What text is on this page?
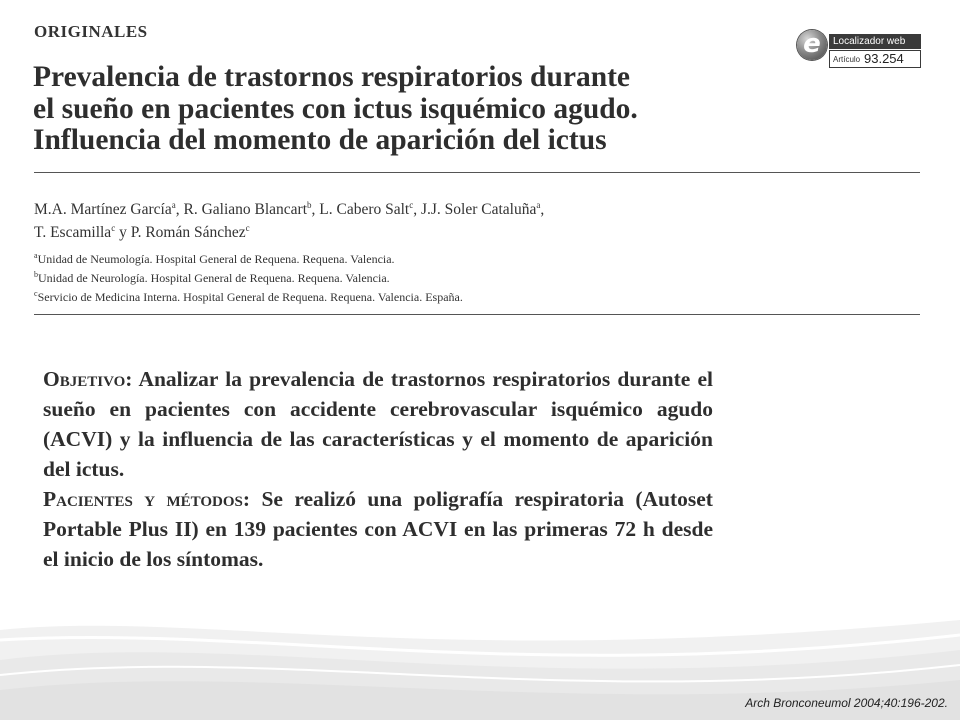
ORIGINALES	e	Localizador web
Artículo 93.254
Prevalencia de trastornos respiratorios durante
el sueño en pacientes con ictus isquémico agudo.
Influencia del momento de aparición del ictus
M.A. Martínez García$^a$, R. Galiano Blancart$^b$, L. Cabero Salt$^c$, J.J. Soler Cataluña$^a$,
T. Escamilla$^c$ y P. Román Sánchez$^c$
$^a$Unidad de Neumología. Hospital General de Requena. Requena. Valencia.
$^b$Unidad de Neurología. Hospital General de Requena. Requena. Valencia.
$^c$Servicio de Medicina Interna. Hospital General de Requena. Requena. Valencia. España.

Objetivo: Analizar la prevalencia de trastornos respiratorios durante el sueño en pacientes con accidente cerebrovascular isquémico agudo (ACVI) y la influencia de las características y el momento de aparición del ictus.

Pacientes y métodos: Se realizó una poligrafía respiratoria (Autoset Portable Plus II) en 139 pacientes con ACVI en las primeras 72 h desde el inicio de los síntomas.

Arch Bronconeumol 2004;40:196-202.
